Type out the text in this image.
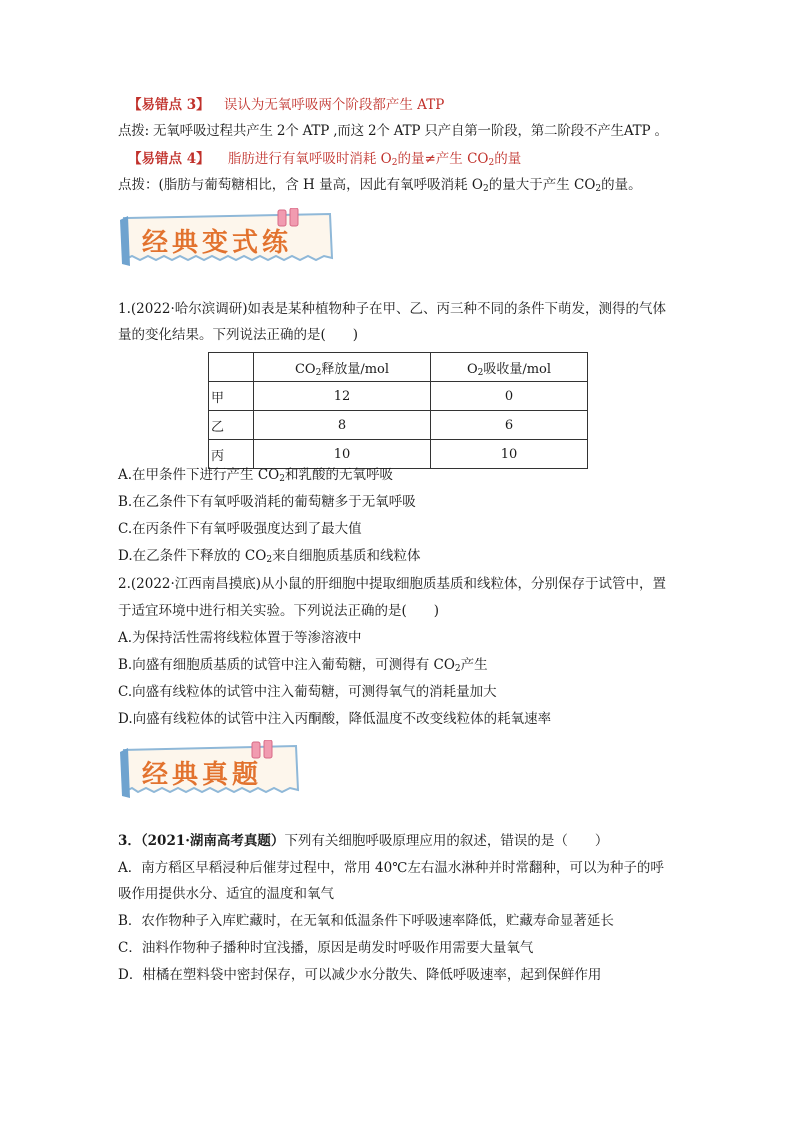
【易错点 3】 误认为无氧呼吸两个阶段都产生 ATP
点拨: 无氧呼吸过程共产生 2个 ATP ,而这 2个 ATP 只产自第一阶段，第二阶段不产生ATP 。
【易错点 4】 脂肪进行有氧呼吸时消耗 $O_2$的量≠产生 $CO_2$的量
点拨：(脂肪与葡萄糖相比，含 H 量高，因此有氧呼吸消耗 $O_2$的量大于产生 $CO_2$的量。
经典变式练
1.(2022·哈尔滨调研)如表是某种植物种子在甲、乙、丙三种不同的条件下萌发，测得的气体
量的变化结果。下列说法正确的是(　　)
	$CO_2$释放量/mol	$O_2$吸收量/mol
甲	12	0
乙	8	6
丙	10	10
A.在甲条件下进行产生 $CO_2$和乳酸的无氧呼吸
B.在乙条件下有氧呼吸消耗的葡萄糖多于无氧呼吸
C.在丙条件下有氧呼吸强度达到了最大值
D.在乙条件下释放的 $CO_2$来自细胞质基质和线粒体
2.(2022·江西南昌摸底)从小鼠的肝细胞中提取细胞质基质和线粒体，分别保存于试管中，置
于适宜环境中进行相关实验。下列说法正确的是(　　)
A.为保持活性需将线粒体置于等渗溶液中
B.向盛有细胞质基质的试管中注入葡萄糖，可测得有 $CO_2$产生
C.向盛有线粒体的试管中注入葡萄糖，可测得氧气的消耗量加大
D.向盛有线粒体的试管中注入丙酮酸，降低温度不改变线粒体的耗氧速率
经典真题
3．（2021·湖南高考真题）下列有关细胞呼吸原理应用的叙述，错误的是（　　）
A．南方稻区早稻浸种后催芽过程中，常用 40℃左右温水淋种并时常翻种，可以为种子的呼
吸作用提供水分、适宜的温度和氧气
B．农作物种子入库贮藏时，在无氧和低温条件下呼吸速率降低，贮藏寿命显著延长
C．油料作物种子播种时宜浅播，原因是萌发时呼吸作用需要大量氧气
D．柑橘在塑料袋中密封保存，可以减少水分散失、降低呼吸速率，起到保鲜作用
